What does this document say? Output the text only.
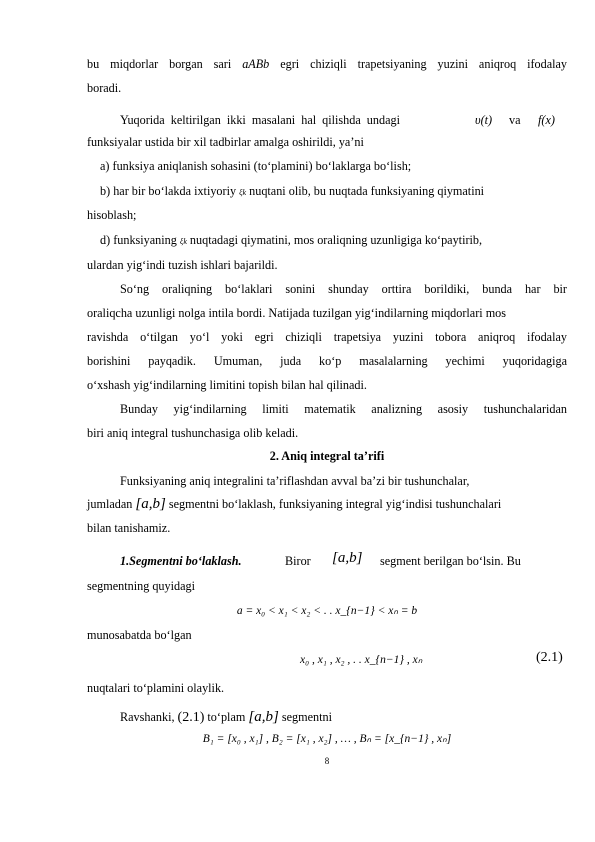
bu miqdorlar borgan sari aABb egri chiziqli trapetsiyaning yuzini aniqroq ifodalay
boradi.
Yuqorida keltirilgan ikki masalani hal qilishda undagi	υ(t) va f(x)
funksiyalar ustida bir xil tadbirlar amalga oshirildi, ya’ni
a) funksiya aniqlanish sohasini (to‘plamini) bo‘laklarga bo‘lish;
b) har bir bo‘lakda ixtiyoriy ξk nuqtani olib, bu nuqtada funksiyaning qiymatini
hisoblash;
d) funksiyaning ξk nuqtadagi qiymatini, mos oraliqning uzunligiga ko‘paytirib,
ulardan yig‘indi tuzish ishlari bajarildi.
So‘ng oraliqning bo‘laklari sonini shunday orttira borildiki, bunda har bir
oraliqcha uzunligi nolga intila bordi. Natijada tuzilgan yig‘indilarning miqdorlari mos
ravishda o‘tilgan yo‘l yoki egri chiziqli trapetsiya yuzini tobora aniqroq ifodalay
borishini payqadik. Umuman, juda ko‘p masalalarning yechimi yuqoridagiga
o‘xshash yig‘indilarning limitini topish bilan hal qilinadi.
Bunday yig‘indilarning limiti matematik analizning asosiy tushunchalaridan
biri aniq integral tushunchasiga olib keladi.
2. Aniq integral ta’rifi
Funksiyaning aniq integralini ta’riflashdan avval ba’zi bir tushunchalar,
jumladan [a,b] segmentni bo‘laklash, funksiyaning integral yig‘indisi tushunchalari
bilan tanishamiz.
1.Segmentni bo‘laklash.	Biror [a,b] segment berilgan bo‘lsin. Bu
segmentning quyidagi
a = x₀ < x₁ < x₂ < . . x_{n−1} < xₙ = b
munosabatda bo‘lgan
x₀ , x₁ , x₂ , . . x_{n−1} , xₙ	(2.1)
nuqtalari to‘plamini olaylik.
Ravshanki, (2.1) to‘plam [a,b] segmentni
B₁ = [x₀ , x₁] , B₂ = [x₁ , x₂] , … , Bₙ = [x_{n−1} , xₙ]
8
